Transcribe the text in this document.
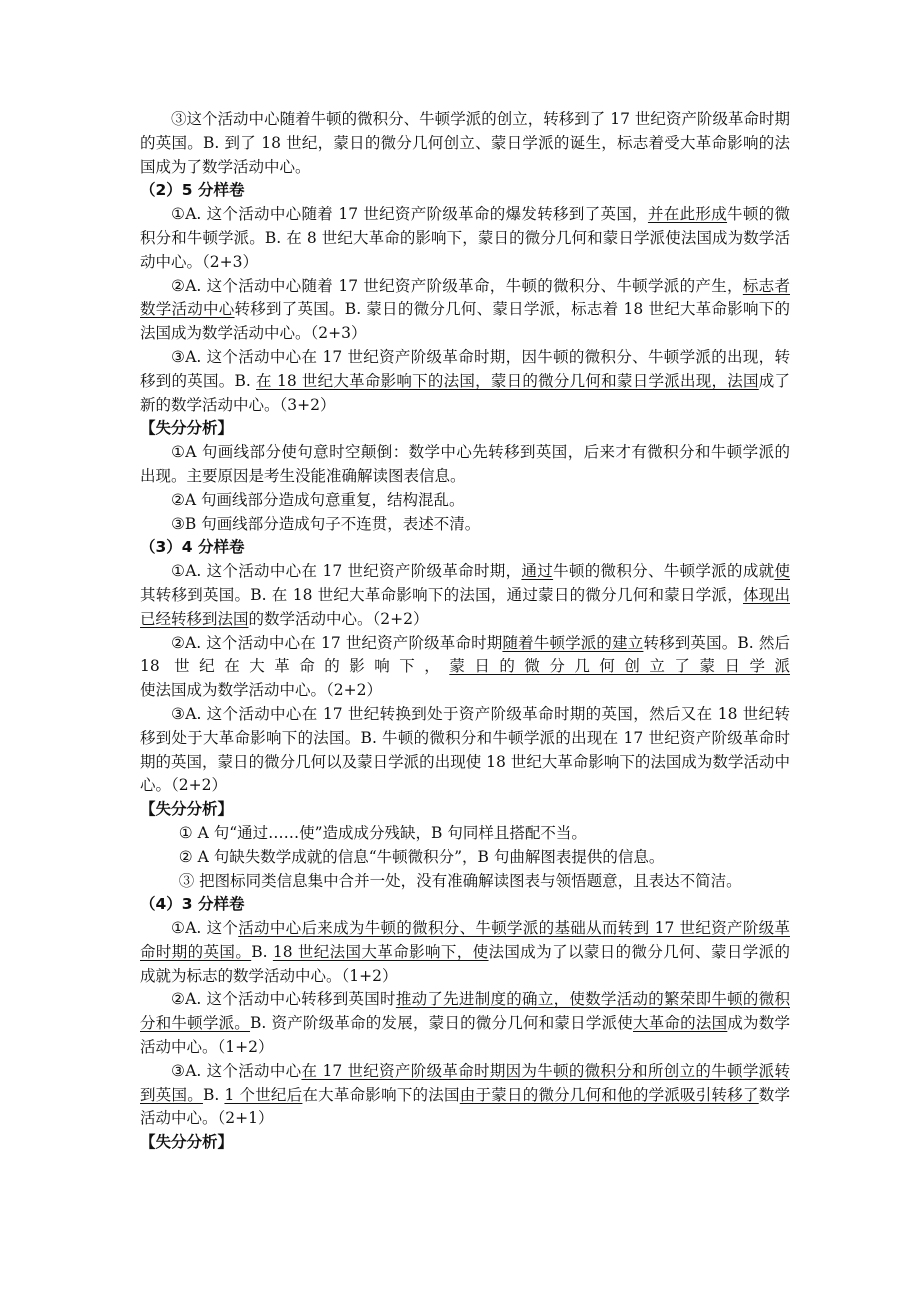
③这个活动中心随着牛顿的微积分、牛顿学派的创立，转移到了 17 世纪资产阶级革命时期的英国。B. 到了 18 世纪，蒙日的微分几何创立、蒙日学派的诞生，标志着受大革命影响的法国成为了数学活动中心。

（2）5 分样卷

①A. 这个活动中心随着 17 世纪资产阶级革命的爆发转移到了英国，并在此形成牛顿的微积分和牛顿学派。B. 在 8 世纪大革命的影响下，蒙日的微分几何和蒙日学派使法国成为数学活动中心。（2+3）

②A. 这个活动中心随着 17 世纪资产阶级革命，牛顿的微积分、牛顿学派的产生，标志者数学活动中心转移到了英国。B. 蒙日的微分几何、蒙日学派，标志着 18 世纪大革命影响下的法国成为数学活动中心。（2+3）

③A. 这个活动中心在 17 世纪资产阶级革命时期，因牛顿的微积分、牛顿学派的出现，转移到的英国。B. 在 18 世纪大革命影响下的法国，蒙日的微分几何和蒙日学派出现，法国成了新的数学活动中心。（3+2）

【失分分析】

①A 句画线部分使句意时空颠倒：数学中心先转移到英国，后来才有微积分和牛顿学派的出现。主要原因是考生没能准确解读图表信息。

②A 句画线部分造成句意重复，结构混乱。

③B 句画线部分造成句子不连贯，表述不清。

（3）4 分样卷

①A. 这个活动中心在 17 世纪资产阶级革命时期，通过牛顿的微积分、牛顿学派的成就使其转移到英国。B. 在 18 世纪大革命影响下的法国，通过蒙日的微分几何和蒙日学派，体现出已经转移到法国的数学活动中心。（2+2）

②A. 这个活动中心在 17 世纪资产阶级革命时期随着牛顿学派的建立转移到英国。B. 然后 18 世纪在大革命的影响下，蒙日的微分几何创立了蒙日学派使法国成为数学活动中心。（2+2）

③A. 这个活动中心在 17 世纪转换到处于资产阶级革命时期的英国，然后又在 18 世纪转移到处于大革命影响下的法国。B. 牛顿的微积分和牛顿学派的出现在 17 世纪资产阶级革命时期的英国，蒙日的微分几何以及蒙日学派的出现使 18 世纪大革命影响下的法国成为数学活动中心。（2+2）

【失分分析】

① A 句“通过……使”造成成分残缺，B 句同样且搭配不当。

② A 句缺失数学成就的信息“牛顿微积分”，B 句曲解图表提供的信息。

③ 把图标同类信息集中合并一处，没有准确解读图表与领悟题意，且表达不简洁。

（4）3 分样卷

①A. 这个活动中心后来成为牛顿的微积分、牛顿学派的基础从而转到 17 世纪资产阶级革命时期的英国。B. 18 世纪法国大革命影响下，使法国成为了以蒙日的微分几何、蒙日学派的成就为标志的数学活动中心。（1+2）

②A. 这个活动中心转移到英国时推动了先进制度的确立，使数学活动的繁荣即牛顿的微积分和牛顿学派。B. 资产阶级革命的发展，蒙日的微分几何和蒙日学派使大革命的法国成为数学活动中心。（1+2）

③A. 这个活动中心在 17 世纪资产阶级革命时期因为牛顿的微积分和所创立的牛顿学派转到英国。B. 1 个世纪后在大革命影响下的法国由于蒙日的微分几何和他的学派吸引转移了数学活动中心。（2+1）

【失分分析】
